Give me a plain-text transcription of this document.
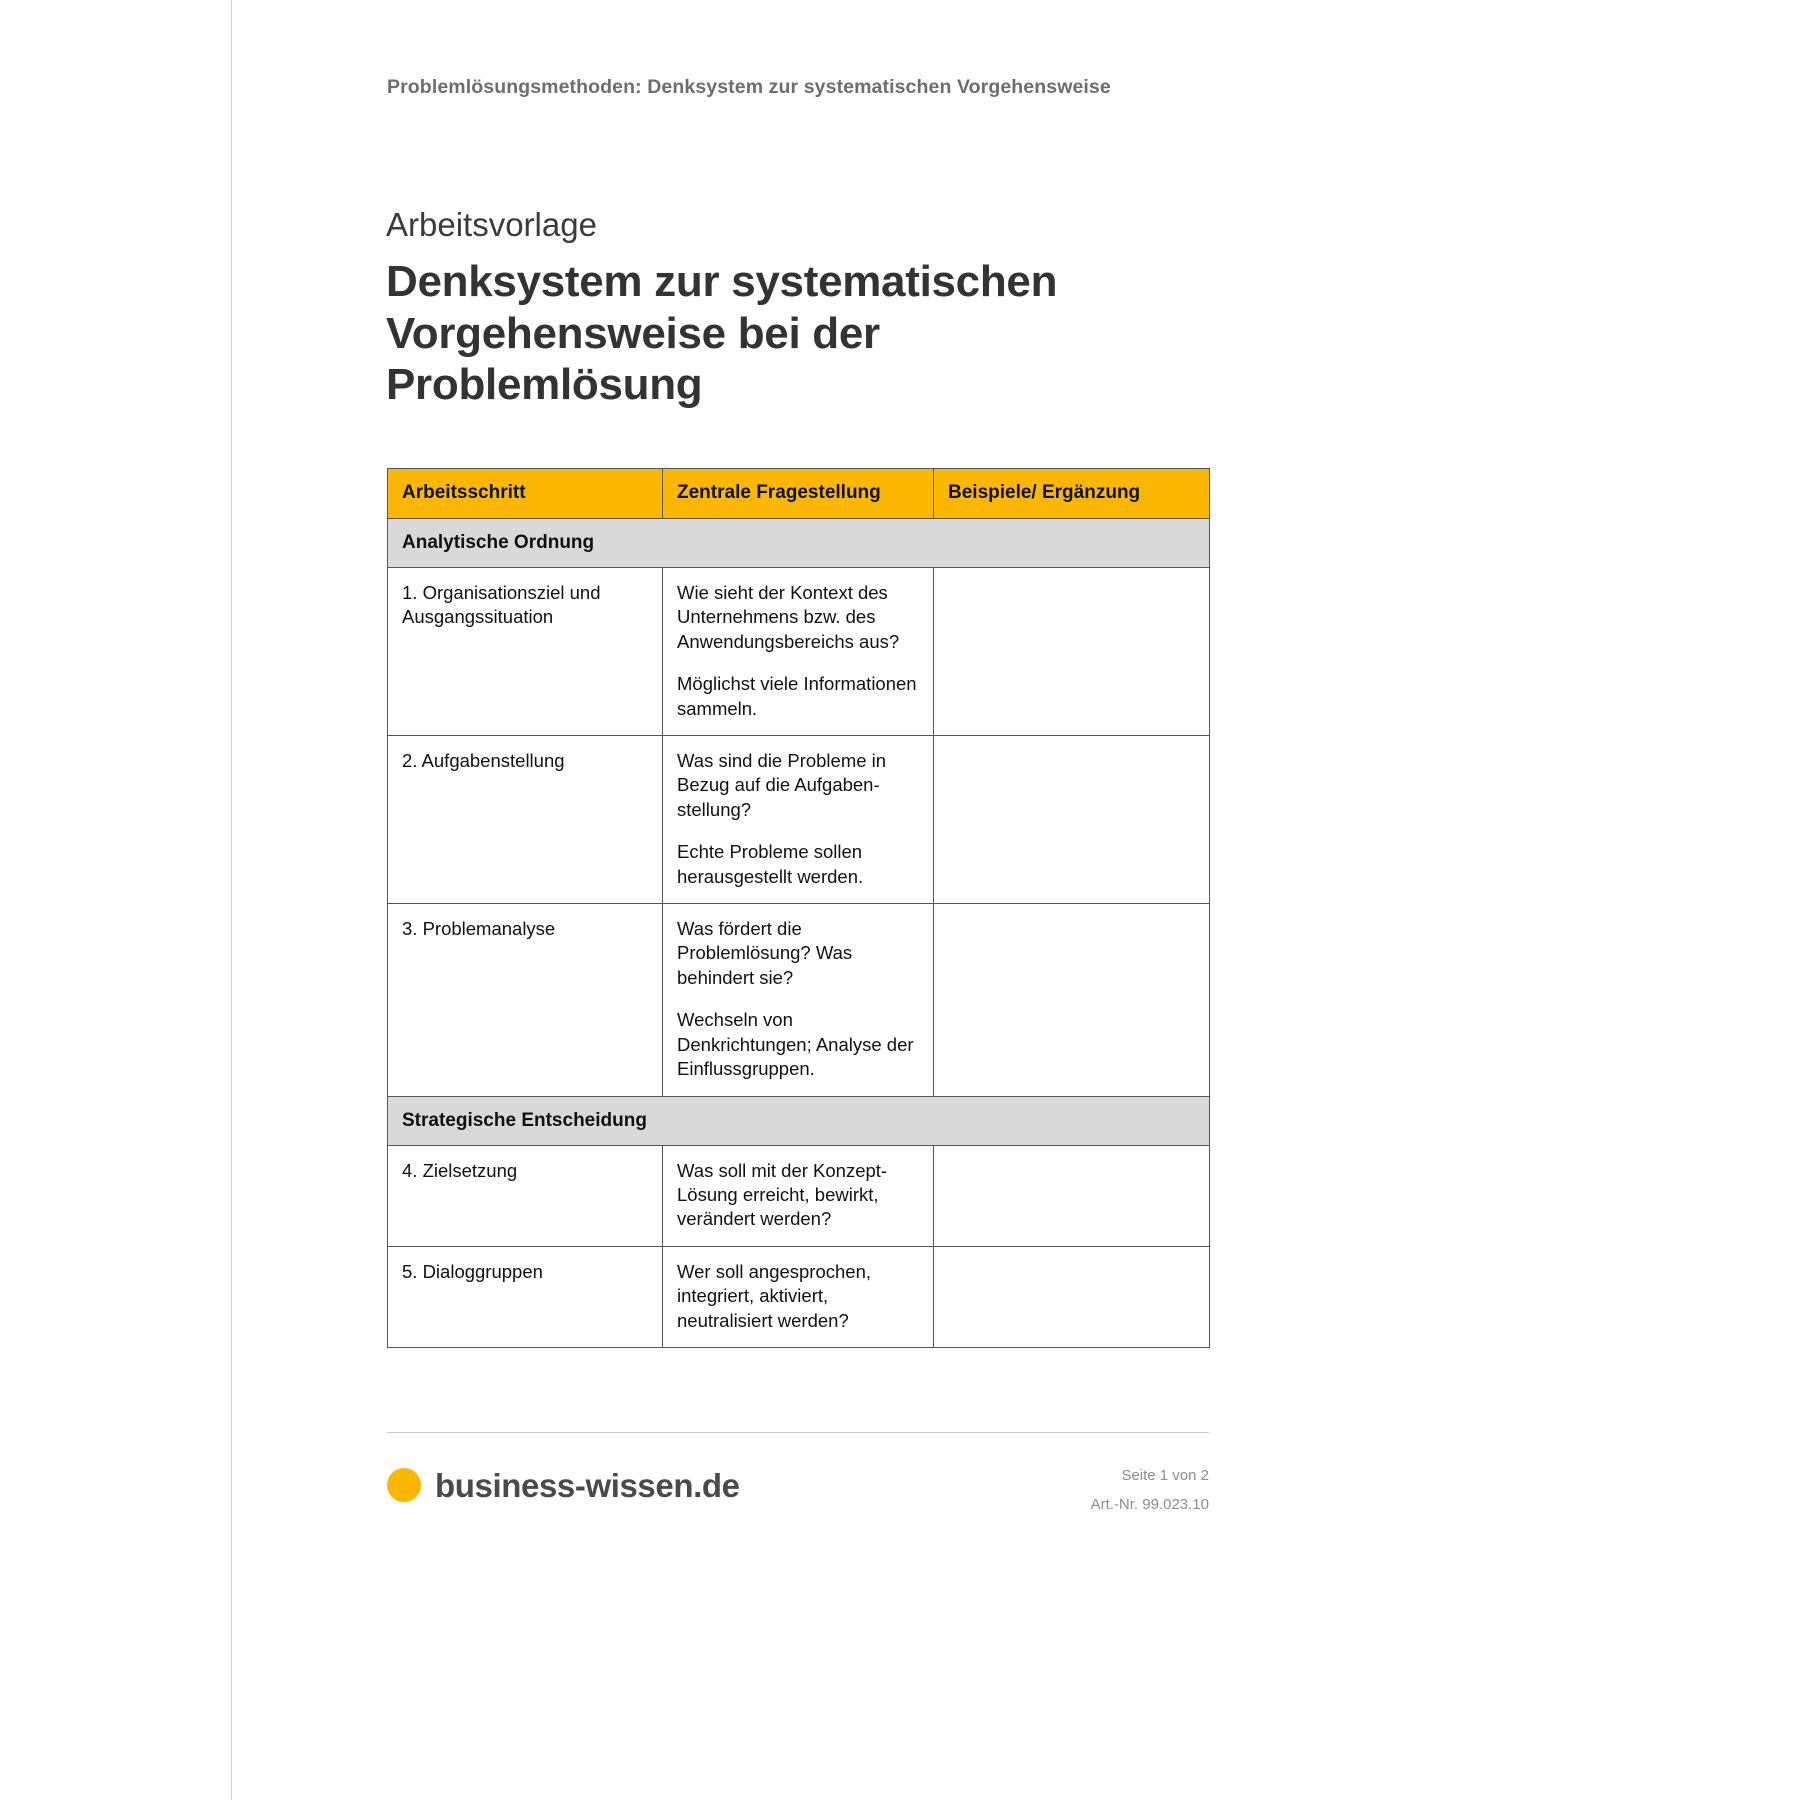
Problemlösungsmethoden: Denksystem zur systematischen Vorgehensweise
Arbeitsvorlage
Denksystem zur systematischen Vorgehensweise bei der Problemlösung
Arbeitsschritt	Zentrale Fragestellung	Beispiele/ Ergänzung
Analytische Ordnung		
1. Organisationsziel und Ausgangssituation	Wie sieht der Kontext des Unternehmens bzw. des Anwendungsbereichs aus?

Möglichst viele Informationen sammeln.	

2. Aufgabenstellung	Was sind die Probleme in Bezug auf die Aufgaben-stellung?

Echte Probleme sollen herausgestellt werden.	

3. Problemanalyse	Was fördert die Problemlösung? Was behindert sie?

Wechseln von Denkrichtungen; Analyse der Einflussgruppen.	

Strategische Entscheidung		
4. Zielsetzung	Was soll mit der Konzept-Lösung erreicht, bewirkt, verändert werden?	

5. Dialoggruppen	Wer soll angesprochen, integriert, aktiviert, neutralisiert werden?	

business-wissen.de	Seite 1 von 2
Art.-Nr. 99.023.10
